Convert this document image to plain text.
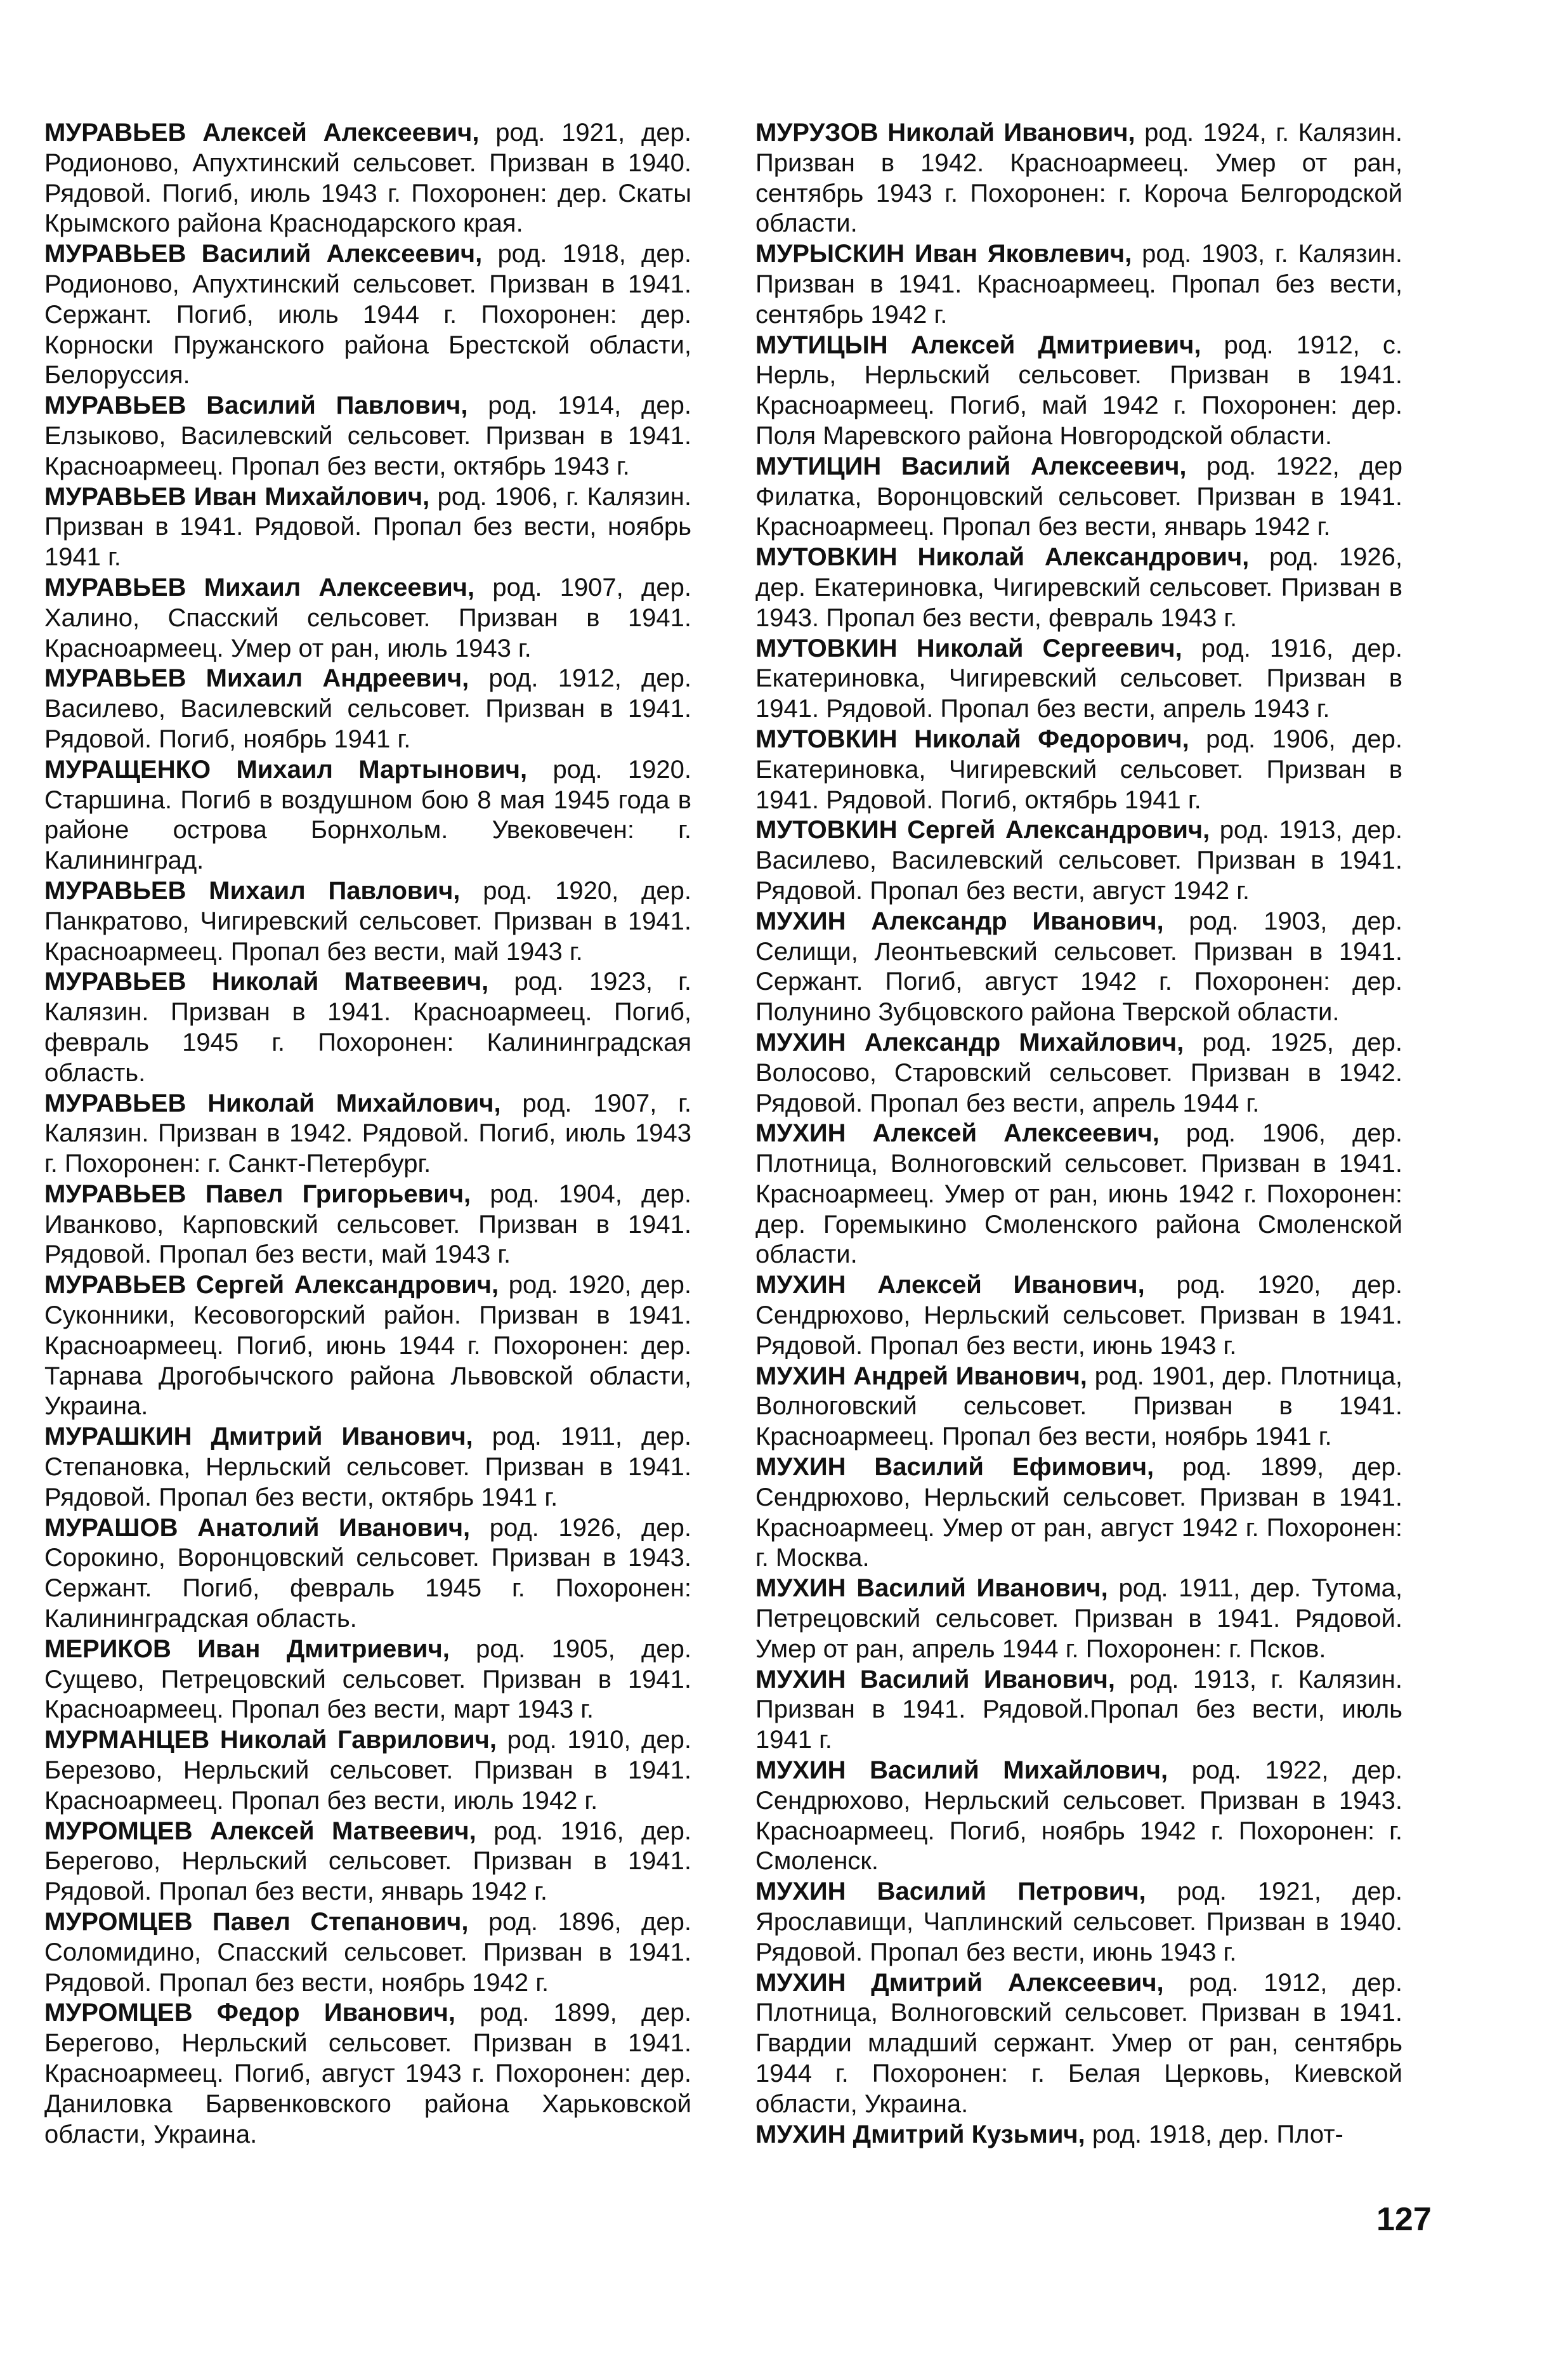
МУРАВЬЕВ Алексей Алексеевич, род. 1921, дер. Родионово, Апухтинский сельсовет. Призван в 1940. Рядовой. Погиб, июль 1943 г. Похоронен: дер. Скаты Крымского района Краснодарского края.

МУРАВЬЕВ Василий Алексеевич, род. 1918, дер. Родионово, Апухтинский сельсовет. Призван в 1941. Сержант. Погиб, июль 1944 г. Похоронен: дер. Корноски Пружанского района Брестской области, Белоруссия.

МУРАВЬЕВ Василий Павлович, род. 1914, дер. Елзыково, Василевский сельсовет. Призван в 1941. Красноармеец. Пропал без вести, октябрь 1943 г.

МУРАВЬЕВ Иван Михайлович, род. 1906, г. Калязин. Призван в 1941. Рядовой. Пропал без вести, ноябрь 1941 г.

МУРАВЬЕВ Михаил Алексеевич, род. 1907, дер. Халино, Спасский сельсовет. Призван в 1941. Красноармеец. Умер от ран, июль 1943 г.

МУРАВЬЕВ Михаил Андреевич, род. 1912, дер. Василево, Василевский сельсовет. Призван в 1941. Рядовой. Погиб, ноябрь 1941 г.

МУРАЩЕНКО Михаил Мартынович, род. 1920. Старшина. Погиб в воздушном бою 8 мая 1945 года в районе острова Борнхольм. Увековечен: г. Калининград.

МУРАВЬЕВ Михаил Павлович, род. 1920, дер. Панкратово, Чигиревский сельсовет. Призван в 1941. Красноармеец. Пропал без вести, май 1943 г.

МУРАВЬЕВ Николай Матвеевич, род. 1923, г. Калязин. Призван в 1941. Красноармеец. Погиб, февраль 1945 г. Похоронен: Калининградская область.

МУРАВЬЕВ Николай Михайлович, род. 1907, г. Калязин. Призван в 1942. Рядовой. Погиб, июль 1943 г. Похоронен: г. Санкт-Петербург.

МУРАВЬЕВ Павел Григорьевич, род. 1904, дер. Иванково, Карповский сельсовет. Призван в 1941. Рядовой. Пропал без вести, май 1943 г.

МУРАВЬЕВ Сергей Александрович, род. 1920, дер. Суконники, Кесовогорский район. Призван в 1941. Красноармеец. Погиб, июнь 1944 г. Похоронен: дер. Тарнава Дрогобычского района Львовской области, Украина.

МУРАШКИН Дмитрий Иванович, род. 1911, дер. Степановка, Нерльский сельсовет. Призван в 1941. Рядовой. Пропал без вести, октябрь 1941 г.

МУРАШОВ Анатолий Иванович, род. 1926, дер. Сорокино, Воронцовский сельсовет. Призван в 1943. Сержант. Погиб, февраль 1945 г. Похоронен: Калининградская область.

МЕРИКОВ Иван Дмитриевич, род. 1905, дер. Сущево, Петрецовский сельсовет. Призван в 1941. Красноармеец. Пропал без вести, март 1943 г.

МУРМАНЦЕВ Николай Гаврилович, род. 1910, дер. Березово, Нерльский сельсовет. Призван в 1941. Красноармеец. Пропал без вести, июль 1942 г.

МУРОМЦЕВ Алексей Матвеевич, род. 1916, дер. Берегово, Нерльский сельсовет. Призван в 1941. Рядовой. Пропал без вести, январь 1942 г.

МУРОМЦЕВ Павел Степанович, род. 1896, дер. Соломидино, Спасский сельсовет. Призван в 1941. Рядовой. Пропал без вести, ноябрь 1942 г.

МУРОМЦЕВ Федор Иванович, род. 1899, дер. Берегово, Нерльский сельсовет. Призван в 1941. Красноармеец. Погиб, август 1943 г. Похоронен: дер. Даниловка Барвенковского района Харьковской области, Украина.

МУРУЗОВ Николай Иванович, род. 1924, г. Калязин. Призван в 1942. Красноармеец. Умер от ран, сентябрь 1943 г. Похоронен: г. Короча Белгородской области.

МУРЫСКИН Иван Яковлевич, род. 1903, г. Калязин. Призван в 1941. Красноармеец. Пропал без вести, сентябрь 1942 г.

МУТИЦЫН Алексей Дмитриевич, род. 1912, с. Нерль, Нерльский сельсовет. Призван в 1941. Красноармеец. Погиб, май 1942 г. Похоронен: дер. Поля Маревского района Новгородской области.

МУТИЦИН Василий Алексеевич, род. 1922, дер Филатка, Воронцовский сельсовет. Призван в 1941. Красноармеец. Пропал без вести, январь 1942 г.

МУТОВКИН Николай Александрович, род. 1926, дер. Екатериновка, Чигиревский сельсовет. Призван в 1943. Пропал без вести, февраль 1943 г.

МУТОВКИН Николай Сергеевич, род. 1916, дер. Екатериновка, Чигиревский сельсовет. Призван в 1941. Рядовой. Пропал без вести, апрель 1943 г.

МУТОВКИН Николай Федорович, род. 1906, дер. Екатериновка, Чигиревский сельсовет. Призван в 1941. Рядовой. Погиб, октябрь 1941 г.

МУТОВКИН Сергей Александрович, род. 1913, дер. Василево, Василевский сельсовет. Призван в 1941. Рядовой. Пропал без вести, август 1942 г.

МУХИН Александр Иванович, род. 1903, дер. Селищи, Леонтьевский сельсовет. Призван в 1941. Сержант. Погиб, август 1942 г. Похоронен: дер. Полунино Зубцовского района Тверской области.

МУХИН Александр Михайлович, род. 1925, дер. Волосово, Старовский сельсовет. Призван в 1942. Рядовой. Пропал без вести, апрель 1944 г.

МУХИН Алексей Алексеевич, род. 1906, дер. Плотница, Волноговский сельсовет. Призван в 1941. Красноармеец. Умер от ран, июнь 1942 г. Похоронен: дер. Горемыкино Смоленского района Смоленской области.

МУХИН Алексей Иванович, род. 1920, дер. Сендрюхово, Нерльский сельсовет. Призван в 1941. Рядовой. Пропал без вести, июнь 1943 г.

МУХИН Андрей Иванович, род. 1901, дер. Плотница, Волноговский сельсовет. Призван в 1941. Красноармеец. Пропал без вести, ноябрь 1941 г.

МУХИН Василий Ефимович, род. 1899, дер. Сендрюхово, Нерльский сельсовет. Призван в 1941. Красноармеец. Умер от ран, август 1942 г. Похоронен: г. Москва.

МУХИН Василий Иванович, род. 1911, дер. Тутома, Петрецовский сельсовет. Призван в 1941. Рядовой. Умер от ран, апрель 1944 г. Похоронен: г. Псков.

МУХИН Василий Иванович, род. 1913, г. Калязин. Призван в 1941. Рядовой.Пропал без вести, июль 1941 г.

МУХИН Василий Михайлович, род. 1922, дер. Сендрюхово, Нерльский сельсовет. Призван в 1943. Красноармеец. Погиб, ноябрь 1942 г. Похоронен: г. Смоленск.

МУХИН Василий Петрович, род. 1921, дер. Ярославищи, Чаплинский сельсовет. Призван в 1940. Рядовой. Пропал без вести, июнь 1943 г.

МУХИН Дмитрий Алексеевич, род. 1912, дер. Плотница, Волноговский сельсовет. Призван в 1941. Гвардии младший сержант. Умер от ран, сентябрь 1944 г. Похоронен: г. Белая Церковь, Киевской области, Украина.

МУХИН Дмитрий Кузьмич, род. 1918, дер. Плот-

127
